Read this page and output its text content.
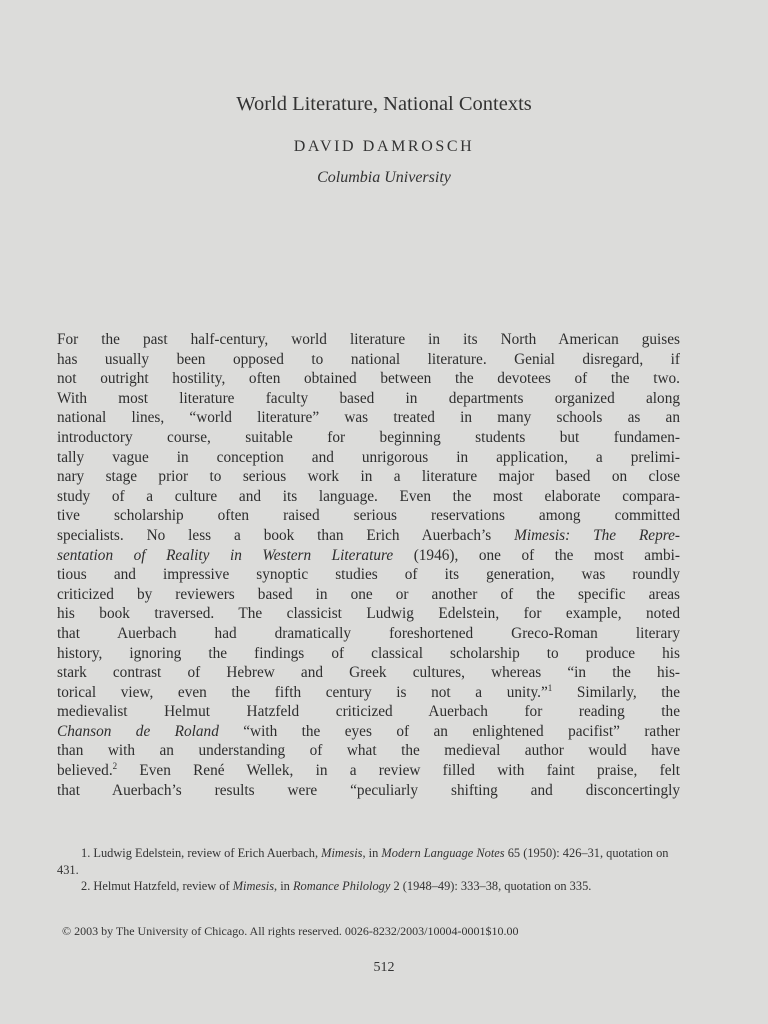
World Literature, National Contexts
DAVID DAMROSCH
Columbia University
For the past half-century, world literature in its North American guises
has usually been opposed to national literature. Genial disregard, if
not outright hostility, often obtained between the devotees of the two.
With most literature faculty based in departments organized along
national lines, “world literature” was treated in many schools as an
introductory course, suitable for beginning students but fundamen-
tally vague in conception and unrigorous in application, a prelimi-
nary stage prior to serious work in a literature major based on close
study of a culture and its language. Even the most elaborate compara-
tive scholarship often raised serious reservations among committed
specialists. No less a book than Erich Auerbach’s Mimesis: The Repre-
sentation of Reality in Western Literature (1946), one of the most ambi-
tious and impressive synoptic studies of its generation, was roundly
criticized by reviewers based in one or another of the specific areas
his book traversed. The classicist Ludwig Edelstein, for example, noted
that Auerbach had dramatically foreshortened Greco-Roman literary
history, ignoring the findings of classical scholarship to produce his
stark contrast of Hebrew and Greek cultures, whereas “in the his-
torical view, even the fifth century is not a unity.”$^1$ Similarly, the
medievalist Helmut Hatzfeld criticized Auerbach for reading the
Chanson de Roland “with the eyes of an enlightened pacifist” rather
than with an understanding of what the medieval author would have
believed.$^2$ Even René Wellek, in a review filled with faint praise, felt
that Auerbach’s results were “peculiarly shifting and disconcertingly

1. Ludwig Edelstein, review of Erich Auerbach, Mimesis, in Modern Language Notes 65 (1950): 426–31, quotation on 431.

2. Helmut Hatzfeld, review of Mimesis, in Romance Philology 2 (1948–49): 333–38, quotation on 335.

© 2003 by The University of Chicago. All rights reserved. 0026-8232/2003/10004-0001$10.00
512
